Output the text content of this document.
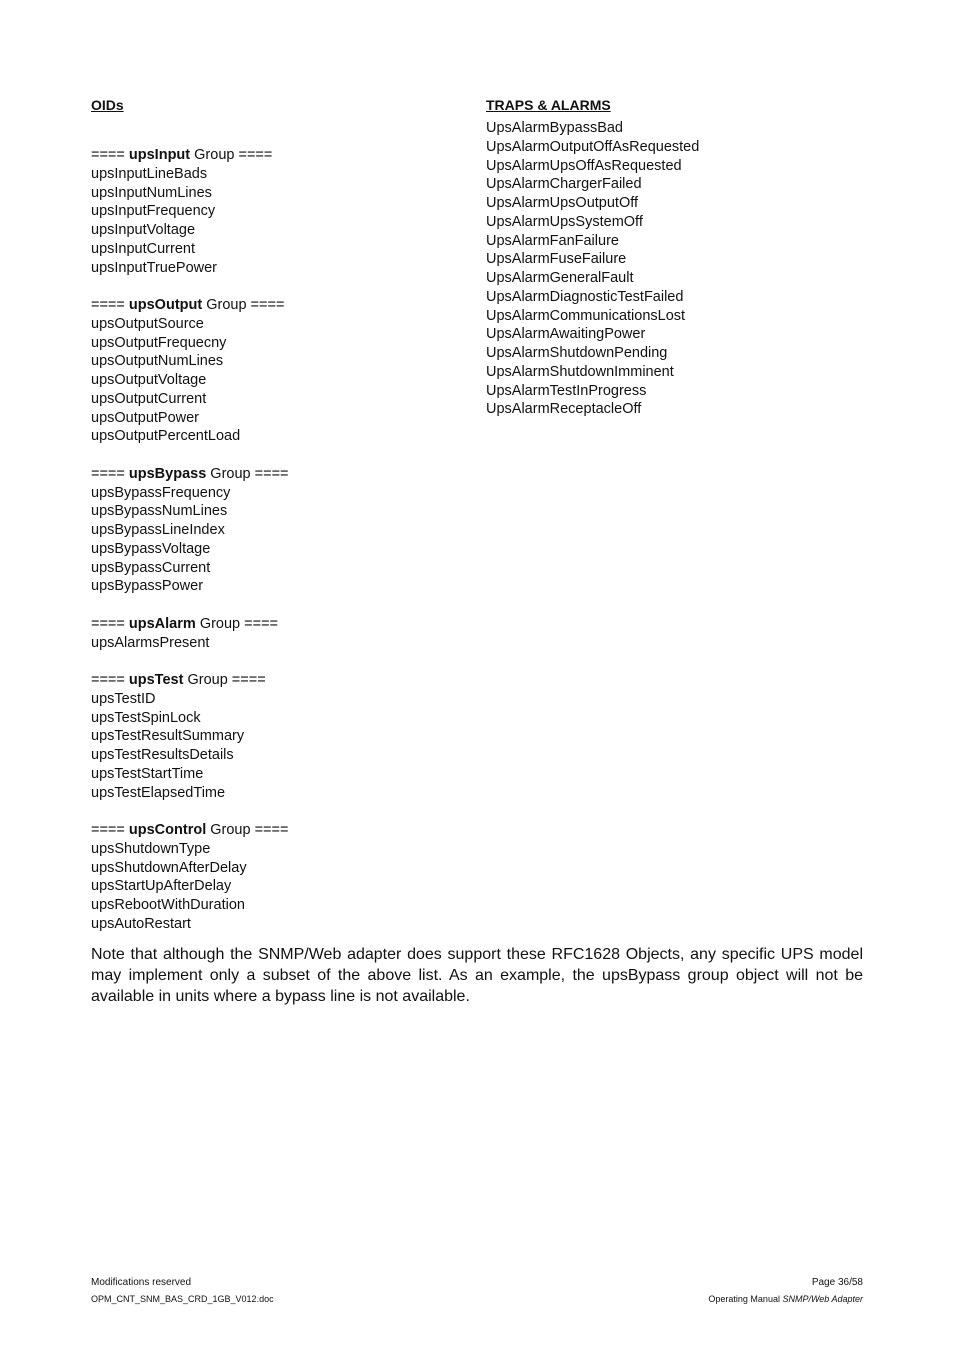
OIDs
==== upsInput Group ====
upsInputLineBads
upsInputNumLines
upsInputFrequency
upsInputVoltage
upsInputCurrent
upsInputTruePower
==== upsOutput Group ====
upsOutputSource
upsOutputFrequecny
upsOutputNumLines
upsOutputVoltage
upsOutputCurrent
upsOutputPower
upsOutputPercentLoad
==== upsBypass Group ====
upsBypassFrequency
upsBypassNumLines
upsBypassLineIndex
upsBypassVoltage
upsBypassCurrent
upsBypassPower
==== upsAlarm Group ====
upsAlarmsPresent
==== upsTest Group ====
upsTestID
upsTestSpinLock
upsTestResultSummary
upsTestResultsDetails
upsTestStartTime
upsTestElapsedTime
==== upsControl Group ====
upsShutdownType
upsShutdownAfterDelay
upsStartUpAfterDelay
upsRebootWithDuration
upsAutoRestart
TRAPS & ALARMS
UpsAlarmBypassBad
UpsAlarmOutputOffAsRequested
UpsAlarmUpsOffAsRequested
UpsAlarmChargerFailed
UpsAlarmUpsOutputOff
UpsAlarmUpsSystemOff
UpsAlarmFanFailure
UpsAlarmFuseFailure
UpsAlarmGeneralFault
UpsAlarmDiagnosticTestFailed
UpsAlarmCommunicationsLost
UpsAlarmAwaitingPower
UpsAlarmShutdownPending
UpsAlarmShutdownImminent
UpsAlarmTestInProgress
UpsAlarmReceptacleOff
Note that although the SNMP/Web adapter does support these RFC1628 Objects, any specific UPS model may implement only a subset of the above list. As an example, the upsBypass group object will not be available in units where a bypass line is not available.
Modifications reserved
OPM_CNT_SNM_BAS_CRD_1GB_V012.doc
Page 36/58
Operating Manual SNMP/Web Adapter
